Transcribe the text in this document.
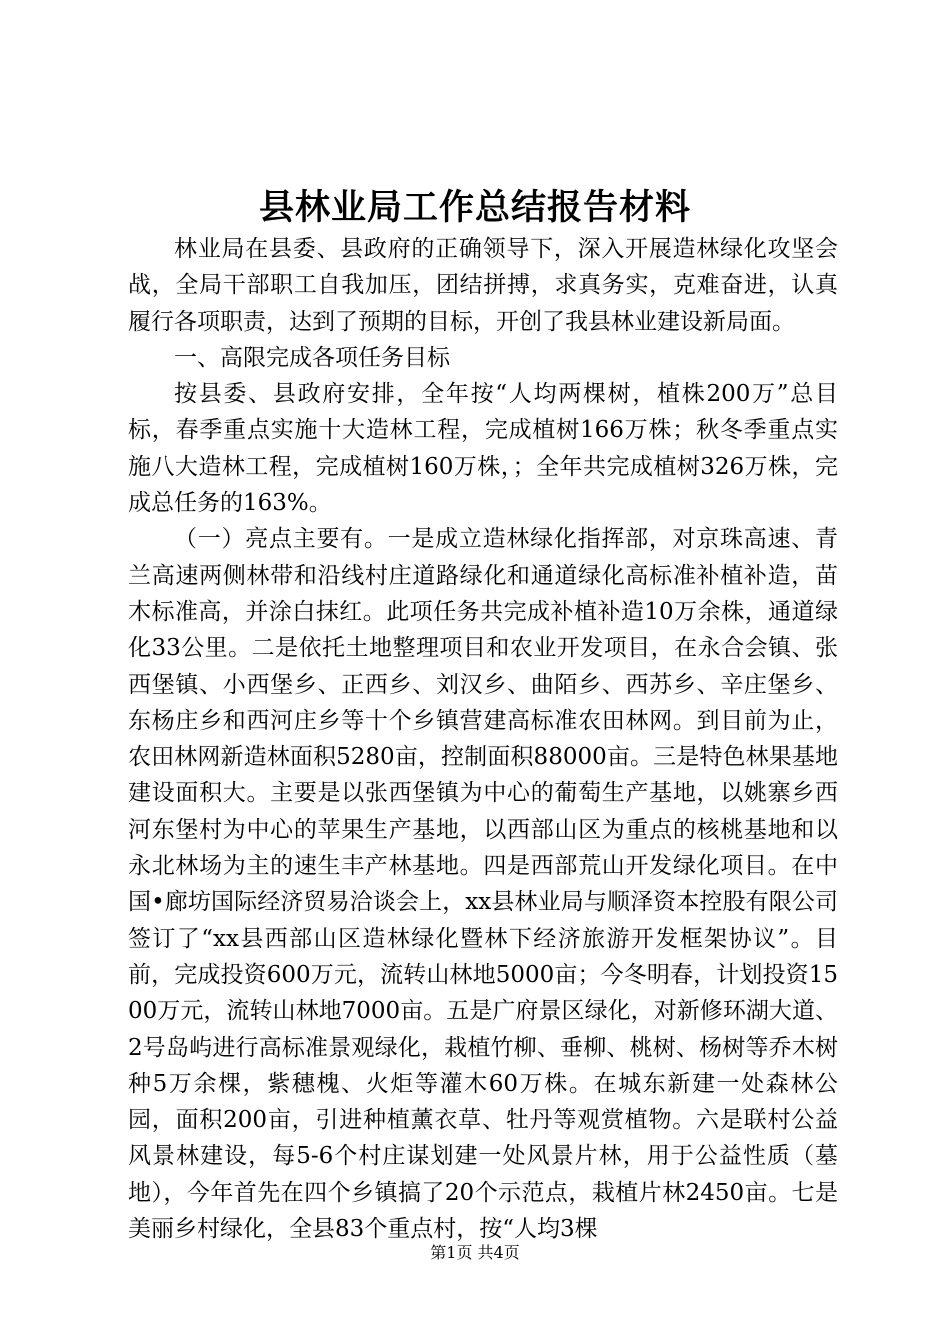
县林业局工作总结报告材料

林业局在县委、县政府的正确领导下，深入开展造林绿化攻坚会战，全局干部职工自我加压，团结拼搏，求真务实，克难奋进，认真履行各项职责，达到了预期的目标，开创了我县林业建设新局面。

一、高限完成各项任务目标

按县委、县政府安排，全年按“人均两棵树，植株200万”总目标，春季重点实施十大造林工程，完成植树166万株；秋冬季重点实施八大造林工程，完成植树160万株，；全年共完成植树326万株，完成总任务的163%。

（一）亮点主要有。一是成立造林绿化指挥部，对京珠高速、青兰高速两侧林带和沿线村庄道路绿化和通道绿化高标准补植补造，苗木标准高，并涂白抹红。此项任务共完成补植补造10万余株，通道绿化33公里。二是依托土地整理项目和农业开发项目，在永合会镇、张西堡镇、小西堡乡、正西乡、刘汉乡、曲陌乡、西苏乡、辛庄堡乡、东杨庄乡和西河庄乡等十个乡镇营建高标准农田林网。到目前为止，农田林网新造林面积5280亩，控制面积88000亩。三是特色林果基地建设面积大。主要是以张西堡镇为中心的葡萄生产基地，以姚寨乡西河东堡村为中心的苹果生产基地，以西部山区为重点的核桃基地和以永北林场为主的速生丰产林基地。四是西部荒山开发绿化项目。在中国•廊坊国际经济贸易洽谈会上，xx县林业局与顺泽资本控股有限公司签订了“xx县西部山区造林绿化暨林下经济旅游开发框架协议”。目前，完成投资600万元，流转山林地5000亩；今冬明春，计划投资1500万元，流转山林地7000亩。五是广府景区绿化，对新修环湖大道、2号岛屿进行高标准景观绿化，栽植竹柳、垂柳、桃树、杨树等乔木树种5万余棵，紫穗槐、火炬等灌木60万株。在城东新建一处森林公园，面积200亩，引进种植薰衣草、牡丹等观赏植物。六是联村公益风景林建设，每5-6个村庄谋划建一处风景片林，用于公益性质（墓地），今年首先在四个乡镇搞了20个示范点，栽植片林2450亩。七是美丽乡村绿化，全县83个重点村，按“人均3棵

第1页 共4页
